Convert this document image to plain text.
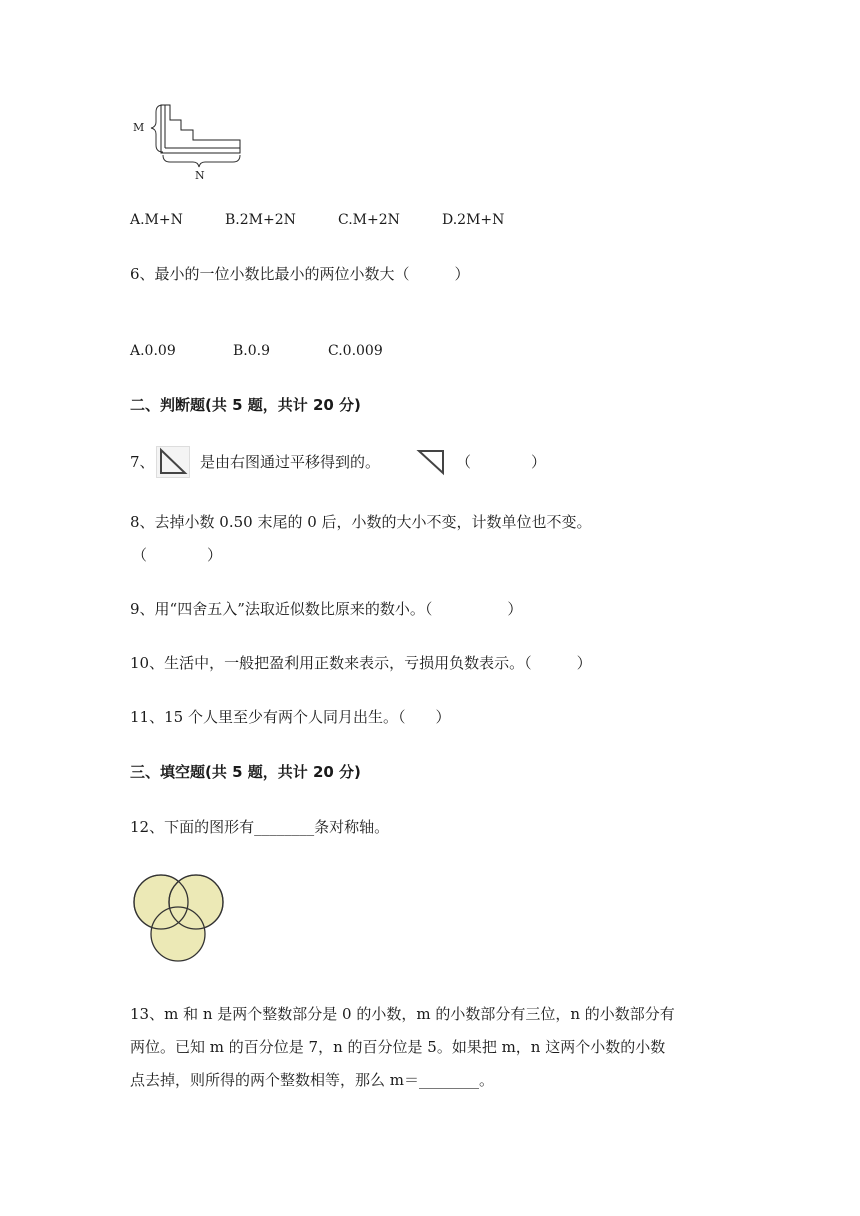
M
N
A.M+N	B.2M+2N	C.M+2N	D.2M+N
6、最小的一位小数比最小的两位小数大（　　　）
A.0.09	B.0.9	C.0.009
二、判断题(共 5 题，共计 20 分)
7、	是由右图通过平移得到的。	（　　　　）
8、去掉小数 0.50 末尾的 0 后，小数的大小不变，计数单位也不变。
（　　　　）
9、用“四舍五入”法取近似数比原来的数小。（　　　　　）
10、生活中，一般把盈利用正数来表示，亏损用负数表示。（　　　）
11、15 个人里至少有两个人同月出生。（　　）
三、填空题(共 5 题，共计 20 分)
12、下面的图形有________条对称轴。
13、m 和 n 是两个整数部分是 0 的小数，m 的小数部分有三位，n 的小数部分有
两位。已知 m 的百分位是 7，n 的百分位是 5。如果把 m，n 这两个小数的小数
点去掉，则所得的两个整数相等，那么 m＝________。
